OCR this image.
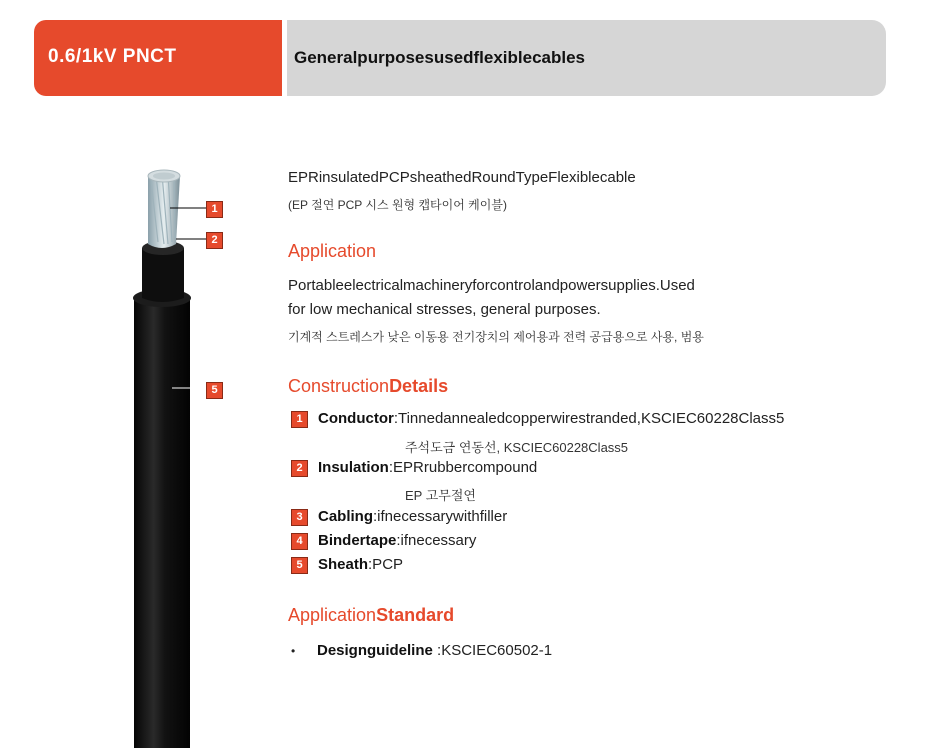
0.6/1kV PNCT	Generalpurposesusedflexiblecables
1
2
5
EPRinsulatedPCPsheathedRoundTypeFlexiblecable
(EP 절연 PCP 시스 원형 캡타이어 케이블)
Application
Portableelectricalmachineryforcontrolandpowersupplies.Used
for low mechanical stresses, general purposes.
기계적 스트레스가 낮은 이동용 전기장치의 제어용과 전력 공급용으로 사용, 범용
ConstructionDetails
1 Conductor:Tinnedannealedcopperwirestranded,KSCIEC60228Class5
주석도금 연동선, KSCIEC60228Class5
2 Insulation:EPRrubbercompound
EP 고무절연
3 Cabling:ifnecessarywithfiller
4 Bindertape:ifnecessary
5 Sheath:PCP
ApplicationStandard
• Designguideline :KSCIEC60502-1
